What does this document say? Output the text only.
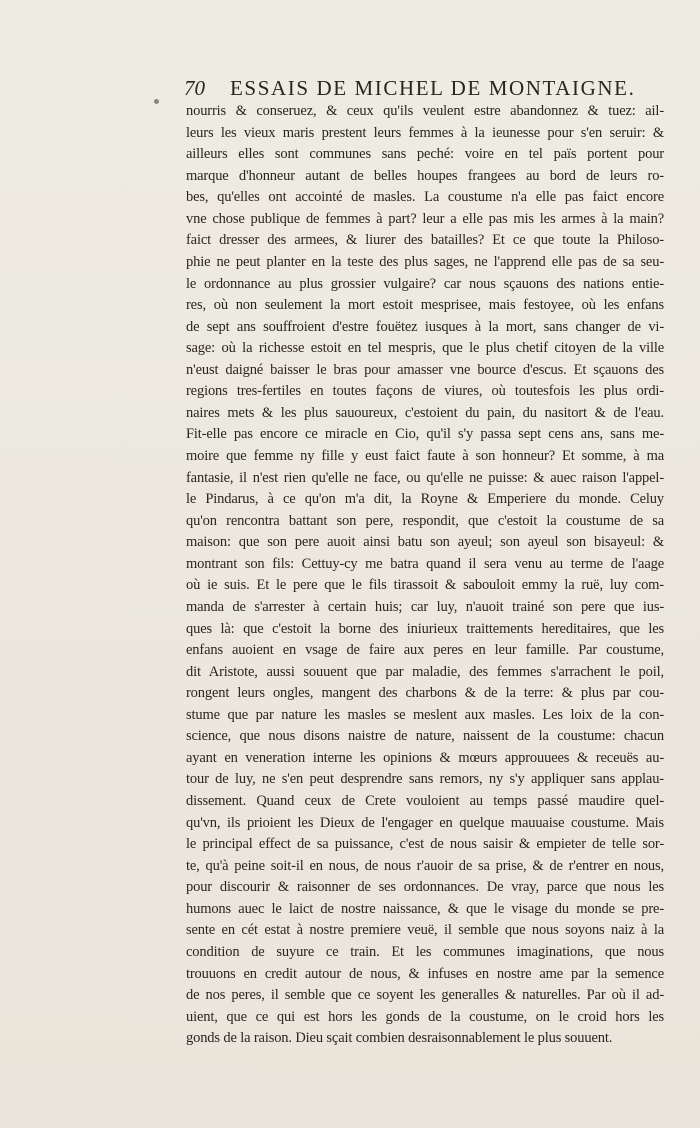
70 ESSAIS DE MICHEL DE MONTAIGNE.
nourris & conseruez, & ceux qu'ils veulent estre abandonnez & tuez: ail-
leurs les vieux maris prestent leurs femmes à la ieunesse pour s'en seruir: &
ailleurs elles sont communes sans peché: voire en tel païs portent pour
marque d'honneur autant de belles houpes frangees au bord de leurs ro-
bes, qu'elles ont accointé de masles. La coustume n'a elle pas faict encore
vne chose publique de femmes à part? leur a elle pas mis les armes à la main?
faict dresser des armees, & liurer des batailles? Et ce que toute la Philoso-
phie ne peut planter en la teste des plus sages, ne l'apprend elle pas de sa seu-
le ordonnance au plus grossier vulgaire? car nous sçauons des nations entie-
res, où non seulement la mort estoit mesprisee, mais festoyee, où les enfans
de sept ans souffroient d'estre fouëtez iusques à la mort, sans changer de vi-
sage: où la richesse estoit en tel mespris, que le plus chetif citoyen de la ville
n'eust daigné baisser le bras pour amasser vne bource d'escus. Et sçauons des
regions tres-fertiles en toutes façons de viures, où toutesfois les plus ordi-
naires mets & les plus sauoureux, c'estoient du pain, du nasitort & de l'eau.
Fit-elle pas encore ce miracle en Cio, qu'il s'y passa sept cens ans, sans me-
moire que femme ny fille y eust faict faute à son honneur? Et somme, à ma
fantasie, il n'est rien qu'elle ne face, ou qu'elle ne puisse: & auec raison l'appel-
le Pindarus, à ce qu'on m'a dit, la Royne & Emperiere du monde. Celuy
qu'on rencontra battant son pere, respondit, que c'estoit la coustume de sa
maison: que son pere auoit ainsi batu son ayeul; son ayeul son bisayeul: &
montrant son fils: Cettuy-cy me batra quand il sera venu au terme de l'aage
où ie suis. Et le pere que le fils tirassoit & sabouloit emmy la ruë, luy com-
manda de s'arrester à certain huis; car luy, n'auoit trainé son pere que ius-
ques là: que c'estoit la borne des iniurieux traittements hereditaires, que les
enfans auoient en vsage de faire aux peres en leur famille. Par coustume,
dit Aristote, aussi souuent que par maladie, des femmes s'arrachent le poil,
rongent leurs ongles, mangent des charbons & de la terre: & plus par cou-
stume que par nature les masles se meslent aux masles. Les loix de la con-
science, que nous disons naistre de nature, naissent de la coustume: chacun
ayant en veneration interne les opinions & mœurs approuuees & receuës au-
tour de luy, ne s'en peut desprendre sans remors, ny s'y appliquer sans applau-
dissement. Quand ceux de Crete vouloient au temps passé maudire quel-
qu'vn, ils prioient les Dieux de l'engager en quelque mauuaise coustume. Mais
le principal effect de sa puissance, c'est de nous saisir & empieter de telle sor-
te, qu'à peine soit-il en nous, de nous r'auoir de sa prise, & de r'entrer en nous,
pour discourir & raisonner de ses ordonnances. De vray, parce que nous les
humons auec le laict de nostre naissance, & que le visage du monde se pre-
sente en cét estat à nostre premiere veuë, il semble que nous soyons naiz à la
condition de suyure ce train. Et les communes imaginations, que nous
trouuons en credit autour de nous, & infuses en nostre ame par la semence
de nos peres, il semble que ce soyent les generalles & naturelles. Par où il ad-
uient, que ce qui est hors les gonds de la coustume, on le croid hors les
gonds de la raison. Dieu sçait combien desraisonnablement le plus souuent.
